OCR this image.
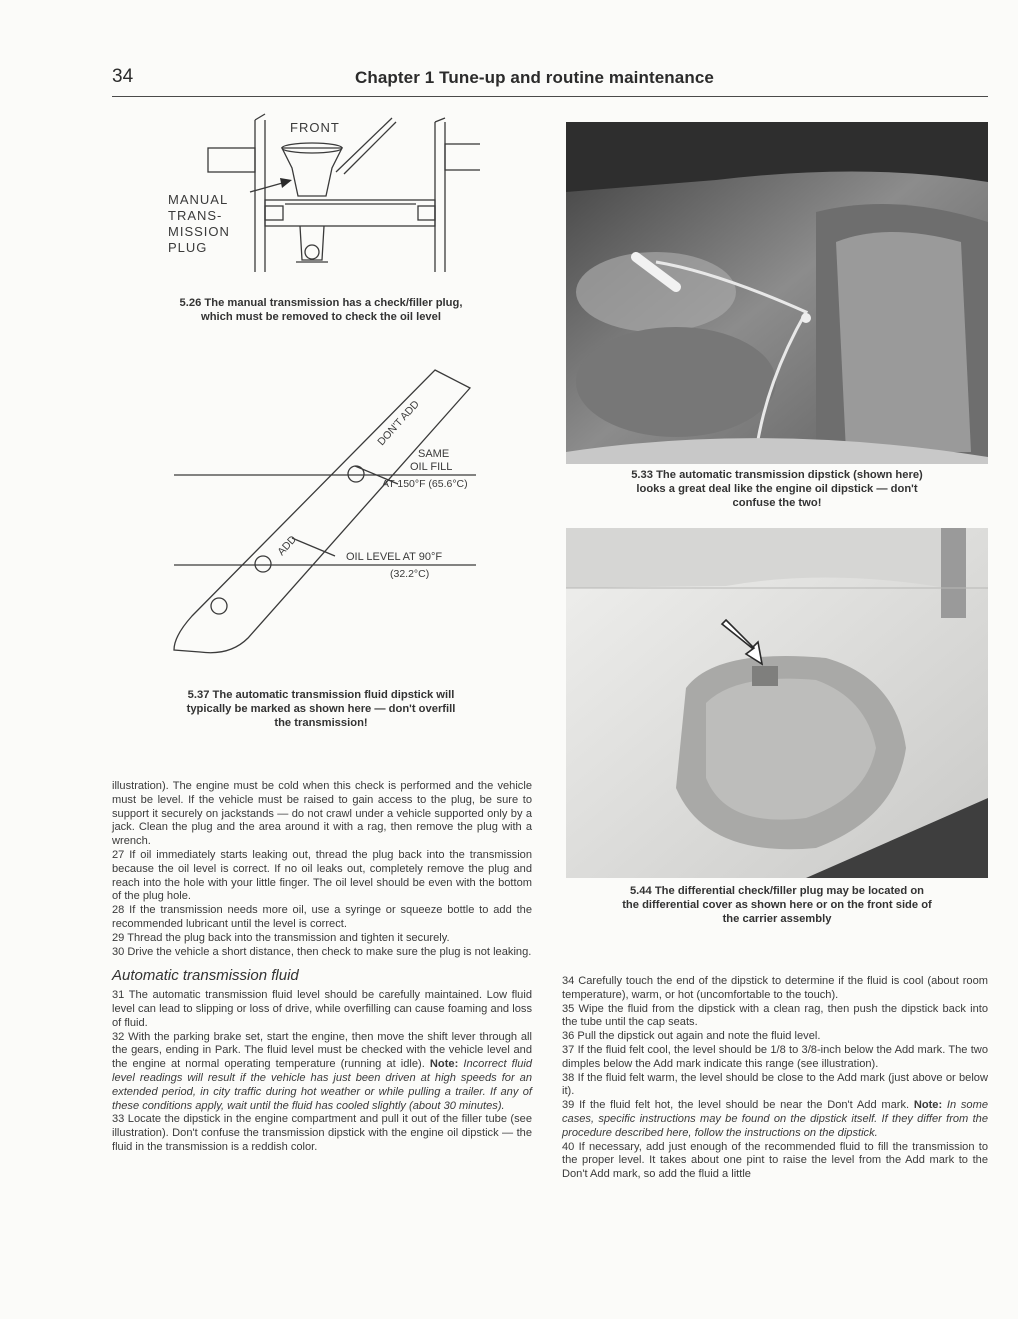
34	Chapter 1 Tune-up and routine maintenance
FRONT
MANUAL TRANS- MISSION PLUG
5.26 The manual transmission has a check/filler plug,
which must be removed to check the oil level
DON'T ADD
ADD
SAME
OIL FILL
AT 150°F (65.6°C)
OIL LEVEL AT 90°F
(32.2°C)
5.37 The automatic transmission fluid dipstick will
typically be marked as shown here — don't overfill
the transmission!
5.33 The automatic transmission dipstick (shown here)
looks a great deal like the engine oil dipstick — don't
confuse the two!
5.44 The differential check/filler plug may be located on
the differential cover as shown here or on the front side of
the carrier assembly

illustration). The engine must be cold when this check is performed and the vehicle must be level. If the vehicle must be raised to gain access to the plug, be sure to support it securely on jackstands — do not crawl under a vehicle supported only by a jack. Clean the plug and the area around it with a rag, then remove the plug with a wrench.

27 If oil immediately starts leaking out, thread the plug back into the transmission because the oil level is correct. If no oil leaks out, completely remove the plug and reach into the hole with your little finger. The oil level should be even with the bottom of the plug hole.

28 If the transmission needs more oil, use a syringe or squeeze bottle to add the recommended lubricant until the level is correct.

29 Thread the plug back into the transmission and tighten it securely.

30 Drive the vehicle a short distance, then check to make sure the plug is not leaking.

Automatic transmission fluid

31 The automatic transmission fluid level should be carefully maintained. Low fluid level can lead to slipping or loss of drive, while overfilling can cause foaming and loss of fluid.

32 With the parking brake set, start the engine, then move the shift lever through all the gears, ending in Park. The fluid level must be checked with the vehicle level and the engine at normal operating temperature (running at idle). Note: Incorrect fluid level readings will result if the vehicle has just been driven at high speeds for an extended period, in city traffic during hot weather or while pulling a trailer. If any of these conditions apply, wait until the fluid has cooled slightly (about 30 minutes).

33 Locate the dipstick in the engine compartment and pull it out of the filler tube (see illustration). Don't confuse the transmission dipstick with the engine oil dipstick — the fluid in the transmission is a reddish color.

34 Carefully touch the end of the dipstick to determine if the fluid is cool (about room temperature), warm, or hot (uncomfortable to the touch).

35 Wipe the fluid from the dipstick with a clean rag, then push the dipstick back into the tube until the cap seats.

36 Pull the dipstick out again and note the fluid level.

37 If the fluid felt cool, the level should be 1/8 to 3/8-inch below the Add mark. The two dimples below the Add mark indicate this range (see illustration).

38 If the fluid felt warm, the level should be close to the Add mark (just above or below it).

39 If the fluid felt hot, the level should be near the Don't Add mark. Note: In some cases, specific instructions may be found on the dipstick itself. If they differ from the procedure described here, follow the instructions on the dipstick.

40 If necessary, add just enough of the recommended fluid to fill the transmission to the proper level. It takes about one pint to raise the level from the Add mark to the Don't Add mark, so add the fluid a little
